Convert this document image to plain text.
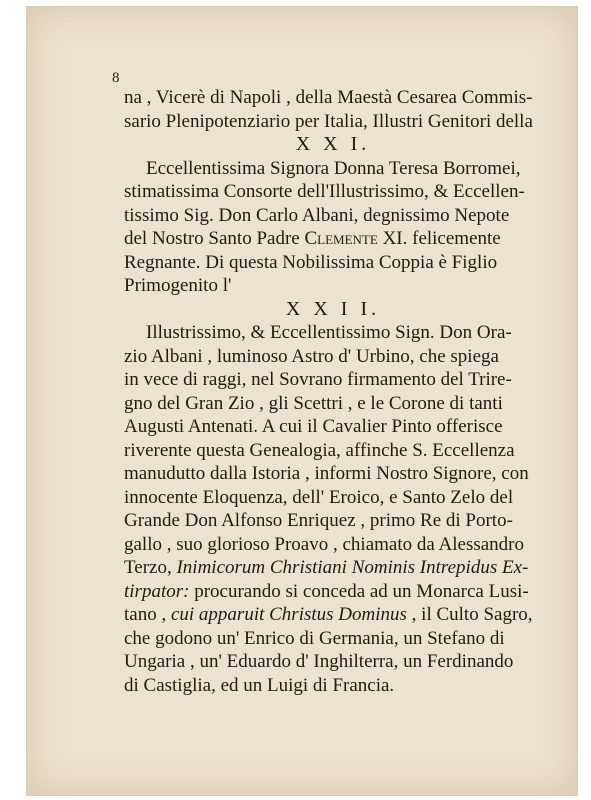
8
na , Vicerè di Napoli , della Maestà Cesarea Commis-
sario Plenipotenziario per Italia, Illustri Genitori della
X X I.
Eccellentissima Signora Donna Teresa Borromei,
stimatissima Consorte dell'Illustrissimo, & Eccellen-
tissimo Sig. Don Carlo Albani, degnissimo Nepote
del Nostro Santo Padre Clemente XI. felicemente
Regnante. Di questa Nobilissima Coppia è Figlio
Primogenito l'
X X I I.
Illustrissimo, & Eccellentissimo Sign. Don Ora-
zio Albani , luminoso Astro d' Urbino, che spiega
in vece di raggi, nel Sovrano firmamento del Trire-
gno del Gran Zio , gli Scettri , e le Corone di tanti
Augusti Antenati. A cui il Cavalier Pinto offerisce
riverente questa Genealogia, affinche S. Eccellenza
manudutto dalla Istoria , informi Nostro Signore, con
innocente Eloquenza, dell' Eroico, e Santo Zelo del
Grande Don Alfonso Enriquez , primo Re di Porto-
gallo , suo glorioso Proavo , chiamato da Alessandro
Terzo, Inimicorum Christiani Nominis Intrepidus Ex-
tirpator: procurando si conceda ad un Monarca Lusi-
tano , cui apparuit Christus Dominus , il Culto Sagro,
che godono un' Enrico di Germania, un Stefano di
Ungaria , un' Eduardo d' Inghilterra, un Ferdinando
di Castiglia, ed un Luigi di Francia.
